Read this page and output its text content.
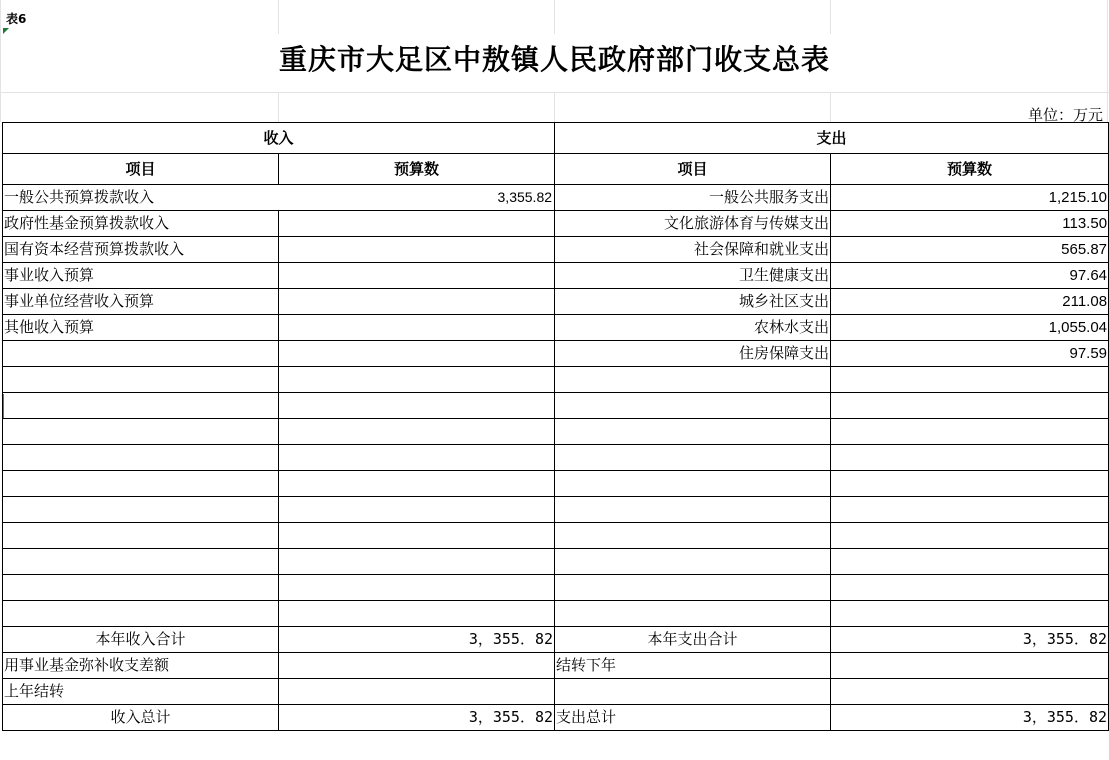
表6
重庆市大足区中敖镇人民政府部门收支总表
单位：万元
收入		支出	
项目	预算数	项目	预算数
一般公共预算拨款收入 3,355.82		一般公共服务支出	1,215.10
政府性基金预算拨款收入		文化旅游体育与传媒支出	113.50
国有资本经营预算拨款收入		社会保障和就业支出	565.87
事业收入预算		卫生健康支出	97.64
事业单位经营收入预算		城乡社区支出	211.08
其他收入预算		农林水支出	1,055.04
		住房保障支出	97.59

本年收入合计	3，355．82	本年支出合计	3，355．82
用事业基金弥补收支差额		结转下年	
上年结转			
收入总计	3，355．82	支出总计	3，355．82
